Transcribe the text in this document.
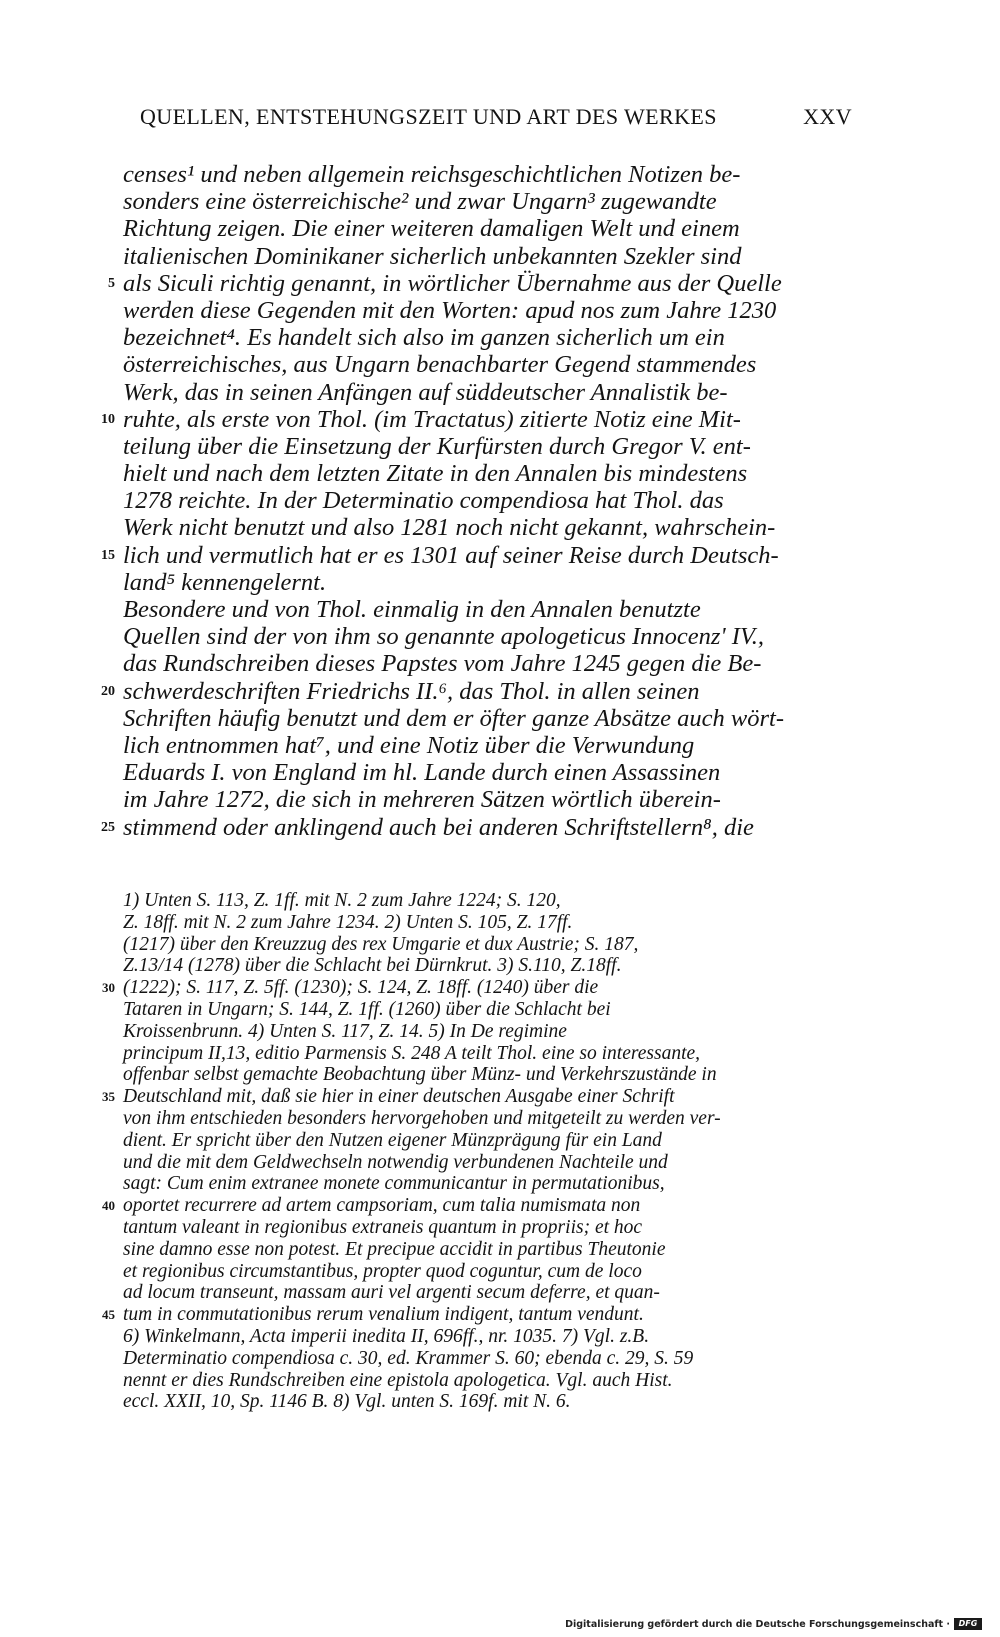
QUELLEN, ENTSTEHUNGSZEIT UND ART DES WERKES	XXV
censes¹ und neben allgemein reichsgeschichtlichen Notizen be-
sonders eine österreichische² und zwar Ungarn³ zugewandte
Richtung zeigen. Die einer weiteren damaligen Welt und einem
italienischen Dominikaner sicherlich unbekannten Szekler sind
5 als Siculi richtig genannt, in wörtlicher Übernahme aus der Quelle
werden diese Gegenden mit den Worten: apud nos zum Jahre 1230
bezeichnet⁴. Es handelt sich also im ganzen sicherlich um ein
österreichisches, aus Ungarn benachbarter Gegend stammendes
Werk, das in seinen Anfängen auf süddeutscher Annalistik be-
10 ruhte, als erste von Thol. (im Tractatus) zitierte Notiz eine Mit-
teilung über die Einsetzung der Kurfürsten durch Gregor V. ent-
hielt und nach dem letzten Zitate in den Annalen bis mindestens
1278 reichte. In der Determinatio compendiosa hat Thol. das
Werk nicht benutzt und also 1281 noch nicht gekannt, wahrschein-
15 lich und vermutlich hat er es 1301 auf seiner Reise durch Deutsch-
land⁵ kennengelernt.
Besondere und von Thol. einmalig in den Annalen benutzte
Quellen sind der von ihm so genannte apologeticus Innocenz' IV.,
das Rundschreiben dieses Papstes vom Jahre 1245 gegen die Be-
20 schwerdeschriften Friedrichs II.⁶, das Thol. in allen seinen
Schriften häufig benutzt und dem er öfter ganze Absätze auch wört-
lich entnommen hat⁷, und eine Notiz über die Verwundung
Eduards I. von England im hl. Lande durch einen Assassinen
im Jahre 1272, die sich in mehreren Sätzen wörtlich überein-
25 stimmend oder anklingend auch bei anderen Schriftstellern⁸, die
1) Unten S. 113, Z. 1ff. mit N. 2 zum Jahre 1224; S. 120,
Z. 18ff. mit N. 2 zum Jahre 1234. 2) Unten S. 105, Z. 17ff.
(1217) über den Kreuzzug des rex Umgarie et dux Austrie; S. 187,
Z.13/14 (1278) über die Schlacht bei Dürnkrut. 3) S.110, Z.18ff.
30 (1222); S. 117, Z. 5ff. (1230); S. 124, Z. 18ff. (1240) über die
Tataren in Ungarn; S. 144, Z. 1ff. (1260) über die Schlacht bei
Kroissenbrunn. 4) Unten S. 117, Z. 14. 5) In De regimine
principum II,13, editio Parmensis S. 248 A teilt Thol. eine so interessante,
offenbar selbst gemachte Beobachtung über Münz- und Verkehrszustände in
35 Deutschland mit, daß sie hier in einer deutschen Ausgabe einer Schrift
von ihm entschieden besonders hervorgehoben und mitgeteilt zu werden ver-
dient. Er spricht über den Nutzen eigener Münzprägung für ein Land
und die mit dem Geldwechseln notwendig verbundenen Nachteile und
sagt: Cum enim extranee monete communicantur in permutationibus,
40 oportet recurrere ad artem campsoriam, cum talia numismata non
tantum valeant in regionibus extraneis quantum in propriis; et hoc
sine damno esse non potest. Et precipue accidit in partibus Theutonie
et regionibus circumstantibus, propter quod coguntur, cum de loco
ad locum transeunt, massam auri vel argenti secum deferre, et quan-
45 tum in commutationibus rerum venalium indigent, tantum vendunt.
6) Winkelmann, Acta imperii inedita II, 696ff., nr. 1035. 7) Vgl. z.B.
Determinatio compendiosa c. 30, ed. Krammer S. 60; ebenda c. 29, S. 59
nennt er dies Rundschreiben eine epistola apologetica. Vgl. auch Hist.
eccl. XXII, 10, Sp. 1146 B. 8) Vgl. unten S. 169f. mit N. 6.
Digitalisierung gefördert durch die Deutsche Forschungsgemeinschaft ·	DFG
